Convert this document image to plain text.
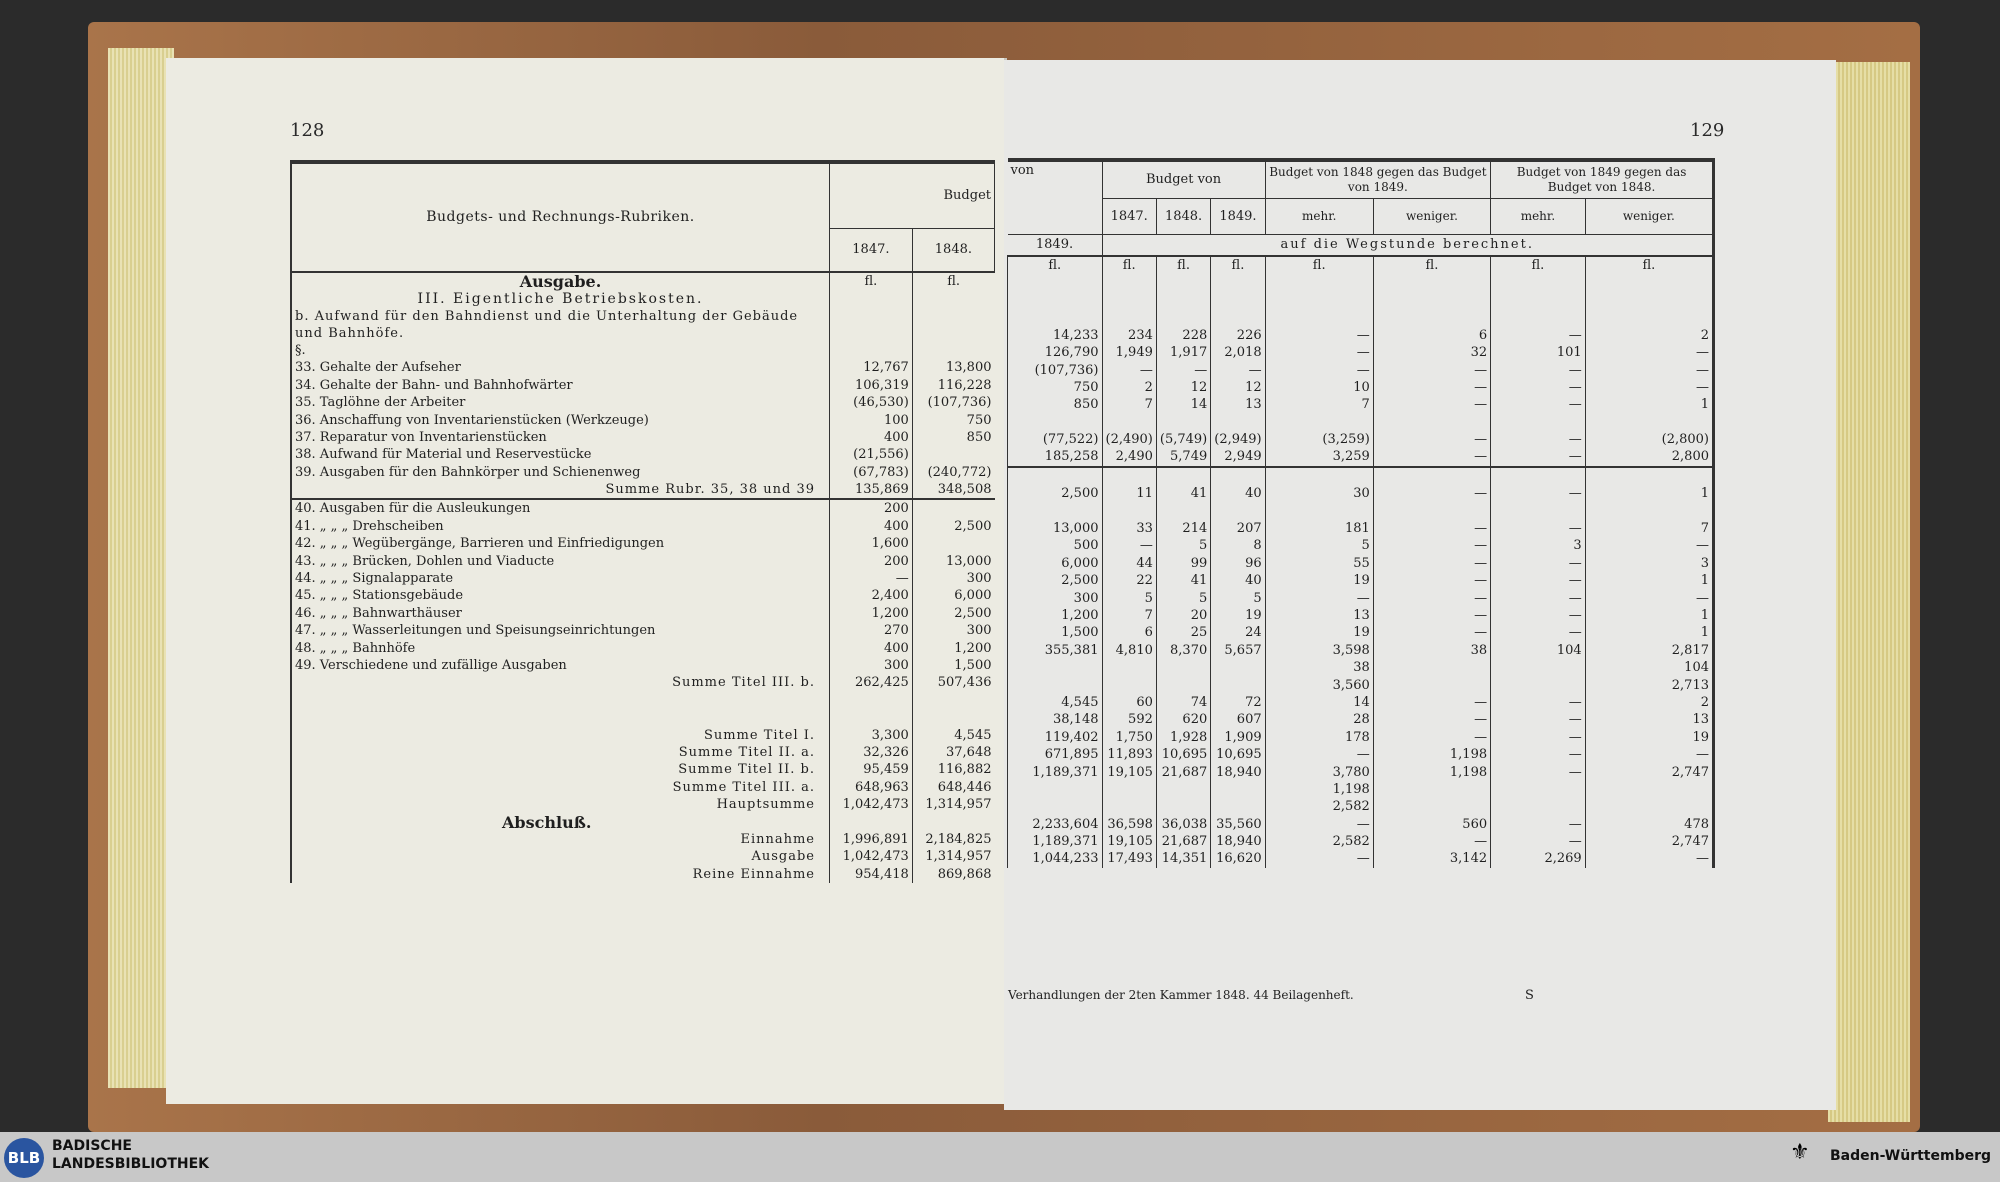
128	129
Budgets- und Rechnungs-Rubriken.	Budget	
	1847.	1848.
Ausgabe.	fl.	fl.
III. Eigentliche Betriebskosten.		
b. Aufwand für den Bahndienst und die Unterhaltung der Gebäude und Bahnhöfe.		
§.		
33. Gehalte der Aufseher	12,767	13,800
34. Gehalte der Bahn- und Bahnhofwärter	106,319	116,228
35. Taglöhne der Arbeiter	(46,530)	(107,736)
36. Anschaffung von Inventarienstücken (Werkzeuge)	100	750
37. Reparatur von Inventarienstücken	400	850
38. Aufwand für Material und Reservestücke	(21,556)	
39. Ausgaben für den Bahnkörper und Schienenweg	(67,783)	(240,772)
Summe Rubr. 35, 38 und 39	135,869	348,508
40. Ausgaben für die Ausleukungen	200	
41. „ „ „ Drehscheiben	400	2,500
42. „ „ „ Wegübergänge, Barrieren und Einfriedigungen	1,600	
43. „ „ „ Brücken, Dohlen und Viaducte	200	13,000
44. „ „ „ Signalapparate	—	300
45. „ „ „ Stationsgebäude	2,400	6,000
46. „ „ „ Bahnwarthäuser	1,200	2,500
47. „ „ „ Wasserleitungen und Speisungseinrichtungen	270	300
48. „ „ „ Bahnhöfe	400	1,200
49. Verschiedene und zufällige Ausgaben	300	1,500
Summe Titel III. b.	262,425	507,436

Summe Titel I.	3,300	4,545
Summe Titel II. a.	32,326	37,648
Summe Titel II. b.	95,459	116,882
Summe Titel III. a.	648,963	648,446
Hauptsumme	1,042,473	1,314,957
Abschluß.		
Einnahme	1,996,891	2,184,825
Ausgabe	1,042,473	1,314,957
Reine Einnahme	954,418	869,868
von	Budget von			Budget von 1848 gegen das Budget von 1849.		Budget von 1849 gegen das Budget von 1848.	
	1847.	1848.	1849.	mehr.	weniger.	mehr.	weniger.
1849.	auf die Wegstunde berechnet.						
fl.	fl.	fl.	fl.	fl.	fl.	fl.	fl.

14,233	234	228	226	—	6	—	2
126,790	1,949	1,917	2,018	—	32	101	—
(107,736)	—	—	—	—	—	—	—
750	2	12	12	10	—	—	—
850	7	14	13	7	—	—	1

(77,522)	(2,490)	(5,749)	(2,949)	(3,259)	—	—	(2,800)
185,258	2,490	5,749	2,949	3,259	—	—	2,800

2,500	11	41	40	30	—	—	1

13,000	33	214	207	181	—	—	7
500	—	5	8	5	—	3	—
6,000	44	99	96	55	—	—	3
2,500	22	41	40	19	—	—	1
300	5	5	5	—	—	—	—
1,200	7	20	19	13	—	—	1
1,500	6	25	24	19	—	—	1
355,381	4,810	8,370	5,657	3,598	38	104	2,817
				38			104
				3,560			2,713
4,545	60	74	72	14	—	—	2
38,148	592	620	607	28	—	—	13
119,402	1,750	1,928	1,909	178	—	—	19
671,895	11,893	10,695	10,695	—	1,198	—	—
1,189,371	19,105	21,687	18,940	3,780	1,198	—	2,747
				1,198			
				2,582			
2,233,604	36,598	36,038	35,560	—	560	—	478
1,189,371	19,105	21,687	18,940	2,582	—	—	2,747
1,044,233	17,493	14,351	16,620	—	3,142	2,269	—
Verhandlungen der 2ten Kammer 1848. 44 Beilagenheft.	S
BLB
BADISCHE
LANDESBIBLIOTHEK	⚜	Baden-Württemberg
